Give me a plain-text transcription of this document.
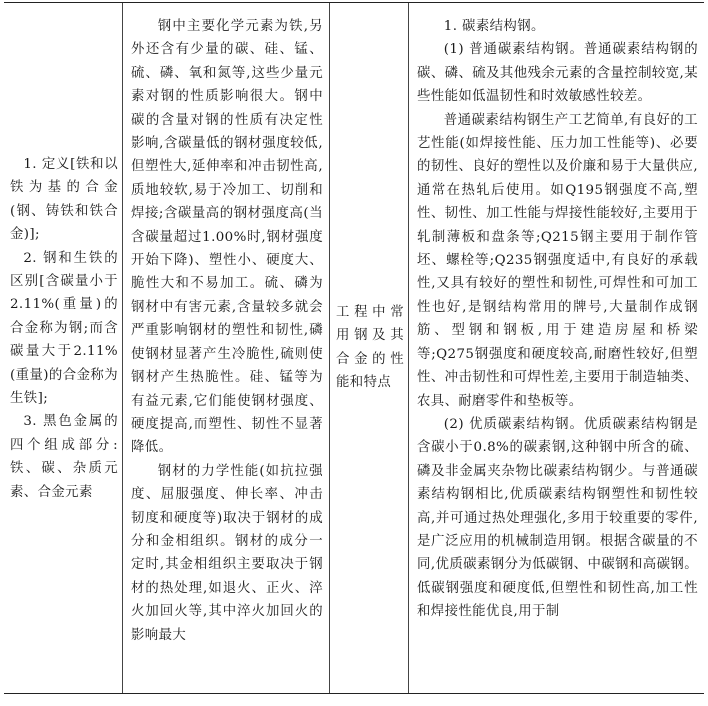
1. 定义[铁和以铁为基的合金(钢、铸铁和铁合金)];

2. 钢和生铁的区别[含碳量小于2.11%(重量)的合金称为钢;而含碳量大于2.11%(重量)的合金称为生铁];

3. 黑色金属的四个组成部分:铁、碳、杂质元素、合金元素

钢中主要化学元素为铁,另外还含有少量的碳、硅、锰、硫、磷、氧和氮等,这些少量元素对钢的性质影响很大。钢中碳的含量对钢的性质有决定性影响,含碳量低的钢材强度较低,但塑性大,延伸率和冲击韧性高,质地较软,易于冷加工、切削和焊接;含碳量高的钢材强度高(当含碳量超过1.00%时,钢材强度开始下降)、塑性小、硬度大、脆性大和不易加工。硫、磷为钢材中有害元素,含量较多就会严重影响钢材的塑性和韧性,磷使钢材显著产生冷脆性,硫则使钢材产生热脆性。硅、锰等为有益元素,它们能使钢材强度、硬度提高,而塑性、韧性不显著降低。

钢材的力学性能(如抗拉强度、屈服强度、伸长率、冲击韧度和硬度等)取决于钢材的成分和金相组织。钢材的成分一定时,其金相组织主要取决于钢材的热处理,如退火、正火、淬火加回火等,其中淬火加回火的影响最大

工程中常用钢及其合金的性能和特点

1. 碳素结构钢。

(1) 普通碳素结构钢。普通碳素结构钢的碳、磷、硫及其他残余元素的含量控制较宽,某些性能如低温韧性和时效敏感性较差。

普通碳素结构钢生产工艺简单,有良好的工艺性能(如焊接性能、压力加工性能等)、必要的韧性、良好的塑性以及价廉和易于大量供应,通常在热轧后使用。如Q195钢强度不高,塑性、韧性、加工性能与焊接性能较好,主要用于轧制薄板和盘条等;Q215钢主要用于制作管坯、螺栓等;Q235钢强度适中,有良好的承载性,又具有较好的塑性和韧性,可焊性和可加工性也好,是钢结构常用的牌号,大量制作成钢筋、型钢和钢板,用于建造房屋和桥梁等;Q275钢强度和硬度较高,耐磨性较好,但塑性、冲击韧性和可焊性差,主要用于制造轴类、农具、耐磨零件和垫板等。

(2) 优质碳素结构钢。优质碳素结构钢是含碳小于0.8%的碳素钢,这种钢中所含的硫、磷及非金属夹杂物比碳素结构钢少。与普通碳素结构钢相比,优质碳素结构钢塑性和韧性较高,并可通过热处理强化,多用于较重要的零件,是广泛应用的机械制造用钢。根据含碳量的不同,优质碳素钢分为低碳钢、中碳钢和高碳钢。低碳钢强度和硬度低,但塑性和韧性高,加工性和焊接性能优良,用于制
